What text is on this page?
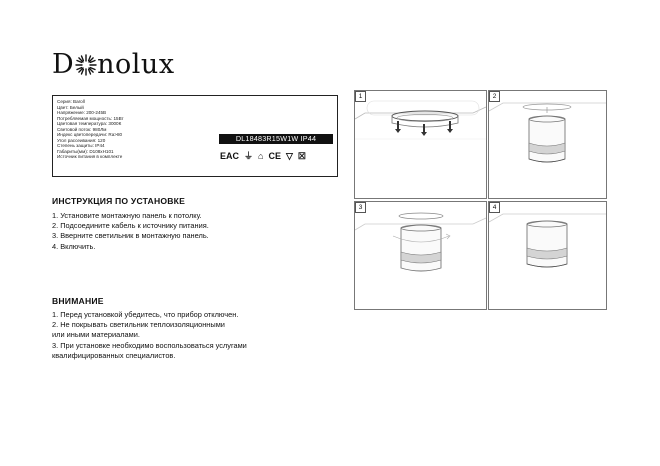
D nolux
Серия: Baroll
Цвет: Белый
Напряжение: 200-245В
Потребляемая мощность: 15Вт
Цветовая температура: 3000К
Световой поток: 980Лм
Индекс цветопередачи: Ra>80
Угол рассеивания: 120
Степень защиты: IP44
Габариты(мм): D108xH101
Источник питания в комплекте
DL18483R15W1W IP44
EAC ⏚ ⌂ CE ▽ ☒
ИНСТРУКЦИЯ ПО УСТАНОВКЕ
1. Установите монтажную панель к потолку.
2. Подсоедините кабель к источнику питания.
3. Вверните светильник в монтажную панель.
4. Включить.
ВНИМАНИЕ
1. Перед установкой убедитесь, что прибор отключен.
2. Не покрывать светильник теплоизоляционными
или иными материалами.
3. При установке необходимо воспользоваться услугами
квалифицированных специалистов.
1	2
3	4
